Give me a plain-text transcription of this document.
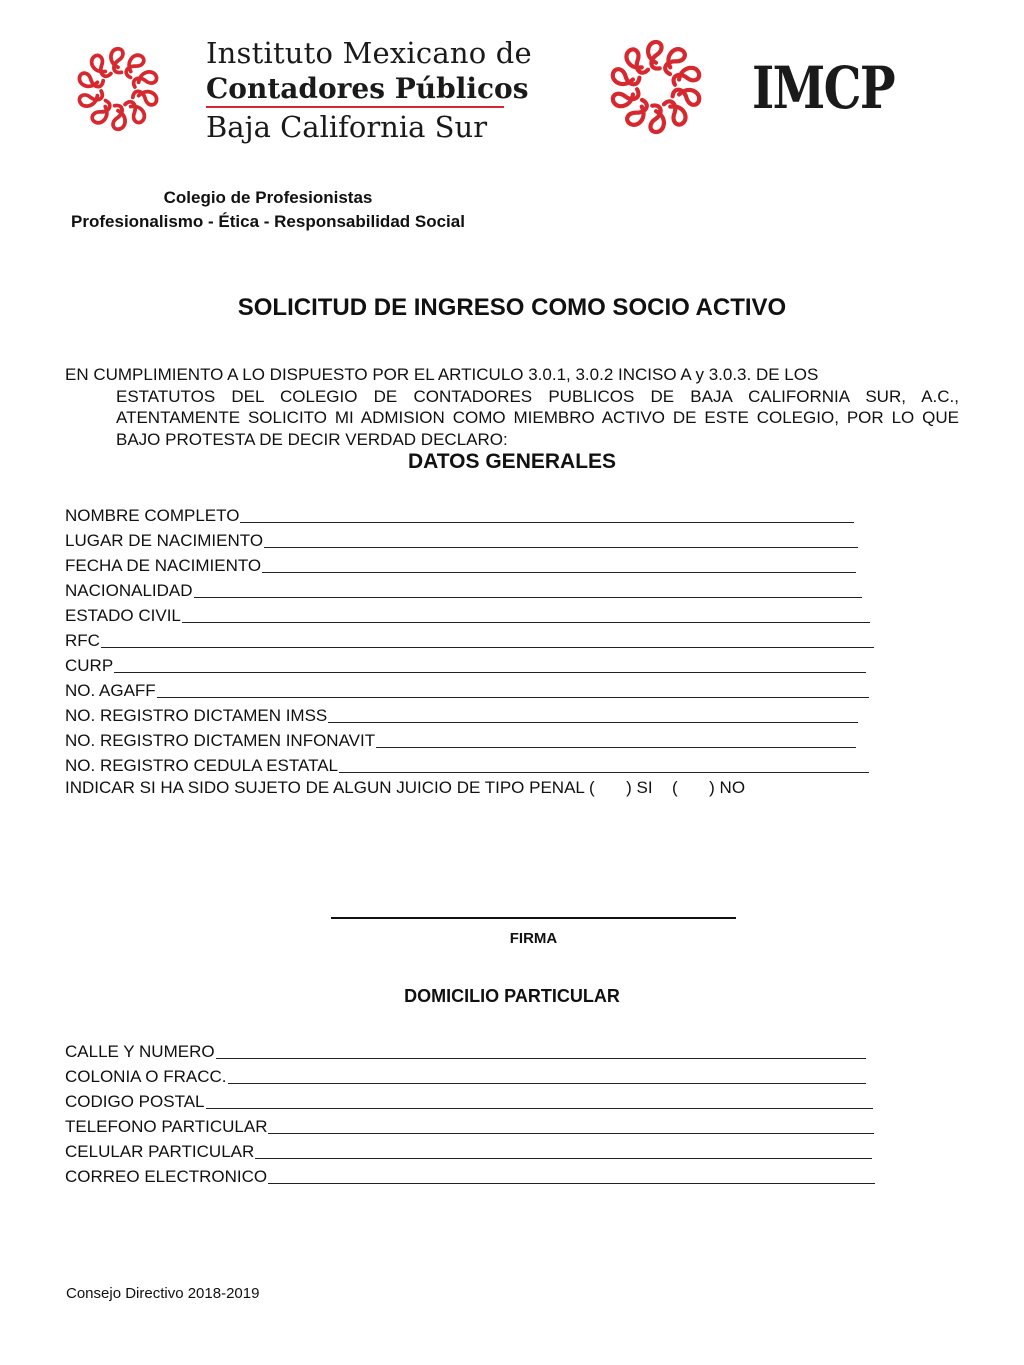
Instituto Mexicano de
Contadores Públicos
Baja California Sur
IMCP
Colegio de Profesionistas
Profesionalismo - Ética - Responsabilidad Social
SOLICITUD DE INGRESO COMO SOCIO ACTIVO
EN CUMPLIMIENTO A LO DISPUESTO POR EL ARTICULO 3.0.1, 3.0.2 INCISO A y 3.0.3. DE LOS
ESTATUTOS DEL COLEGIO DE CONTADORES PUBLICOS DE BAJA CALIFORNIA SUR, A.C., ATENTAMENTE SOLICITO MI ADMISION COMO MIEMBRO ACTIVO DE ESTE COLEGIO, POR LO QUE BAJO PROTESTA DE DECIR VERDAD DECLARO:
DATOS GENERALES
NOMBRE COMPLETO
LUGAR DE NACIMIENTO
FECHA DE NACIMIENTO
NACIONALIDAD
ESTADO CIVIL
RFC
CURP
NO. AGAFF
NO. REGISTRO DICTAMEN IMSS
NO. REGISTRO DICTAMEN INFONAVIT
NO. REGISTRO CEDULA ESTATAL
INDICAR SI HA SIDO SUJETO DE ALGUN JUICIO DE TIPO PENAL ( ) SI ( ) NO
FIRMA
DOMICILIO PARTICULAR
CALLE Y NUMERO
COLONIA O FRACC.
CODIGO POSTAL
TELEFONO PARTICULAR
CELULAR PARTICULAR
CORREO ELECTRONICO
Consejo Directivo 2018-2019
